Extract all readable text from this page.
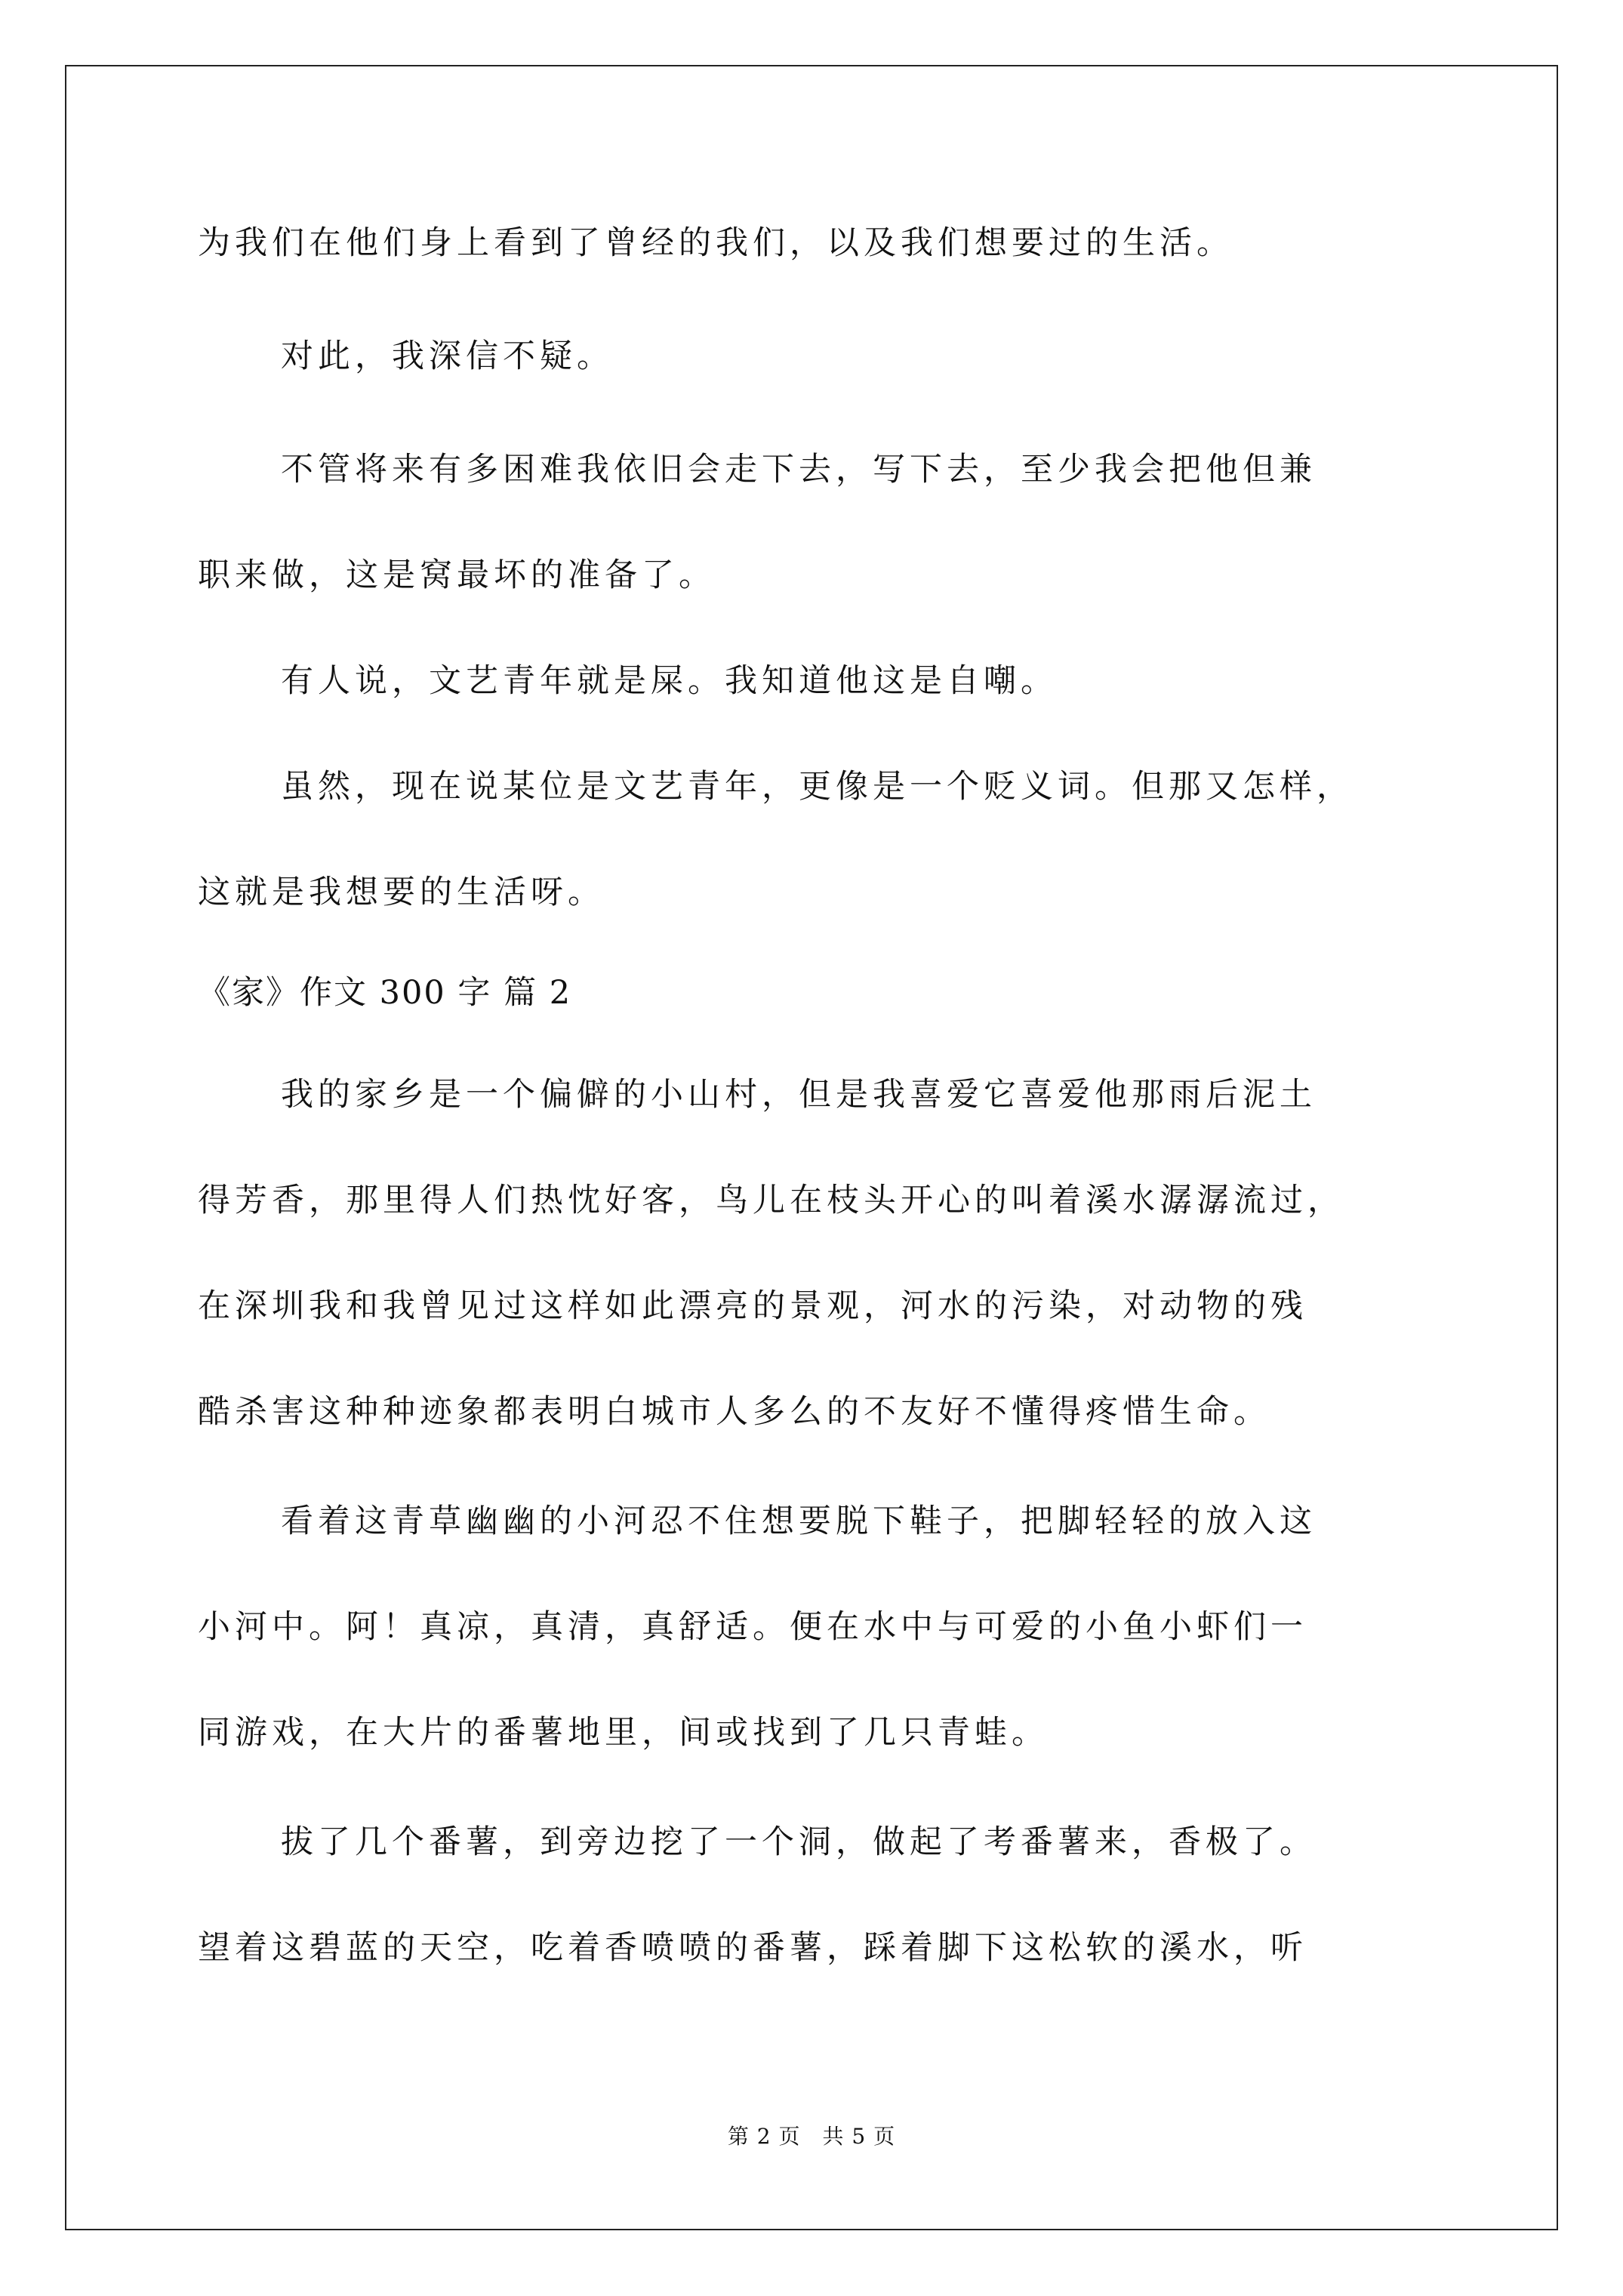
为我们在他们身上看到了曾经的我们，以及我们想要过的生活。
对此，我深信不疑。
不管将来有多困难我依旧会走下去，写下去，至少我会把他但兼
职来做，这是窝最坏的准备了。
有人说，文艺青年就是屎。我知道他这是自嘲。
虽然，现在说某位是文艺青年，更像是一个贬义词。但那又怎样，
这就是我想要的生活呀。
《家》作文 300 字 篇 2
我的家乡是一个偏僻的小山村，但是我喜爱它喜爱他那雨后泥土
得芳香，那里得人们热忱好客，鸟儿在枝头开心的叫着溪水潺潺流过，
在深圳我和我曾见过这样如此漂亮的景观，河水的污染，对动物的残
酷杀害这种种迹象都表明白城市人多么的不友好不懂得疼惜生命。
看着这青草幽幽的小河忍不住想要脱下鞋子，把脚轻轻的放入这
小河中。阿！真凉，真清，真舒适。便在水中与可爱的小鱼小虾们一
同游戏，在大片的番薯地里，间或找到了几只青蛙。
拔了几个番薯，到旁边挖了一个洞，做起了考番薯来，香极了。
望着这碧蓝的天空，吃着香喷喷的番薯，踩着脚下这松软的溪水，听
第 2 页　共 5 页
